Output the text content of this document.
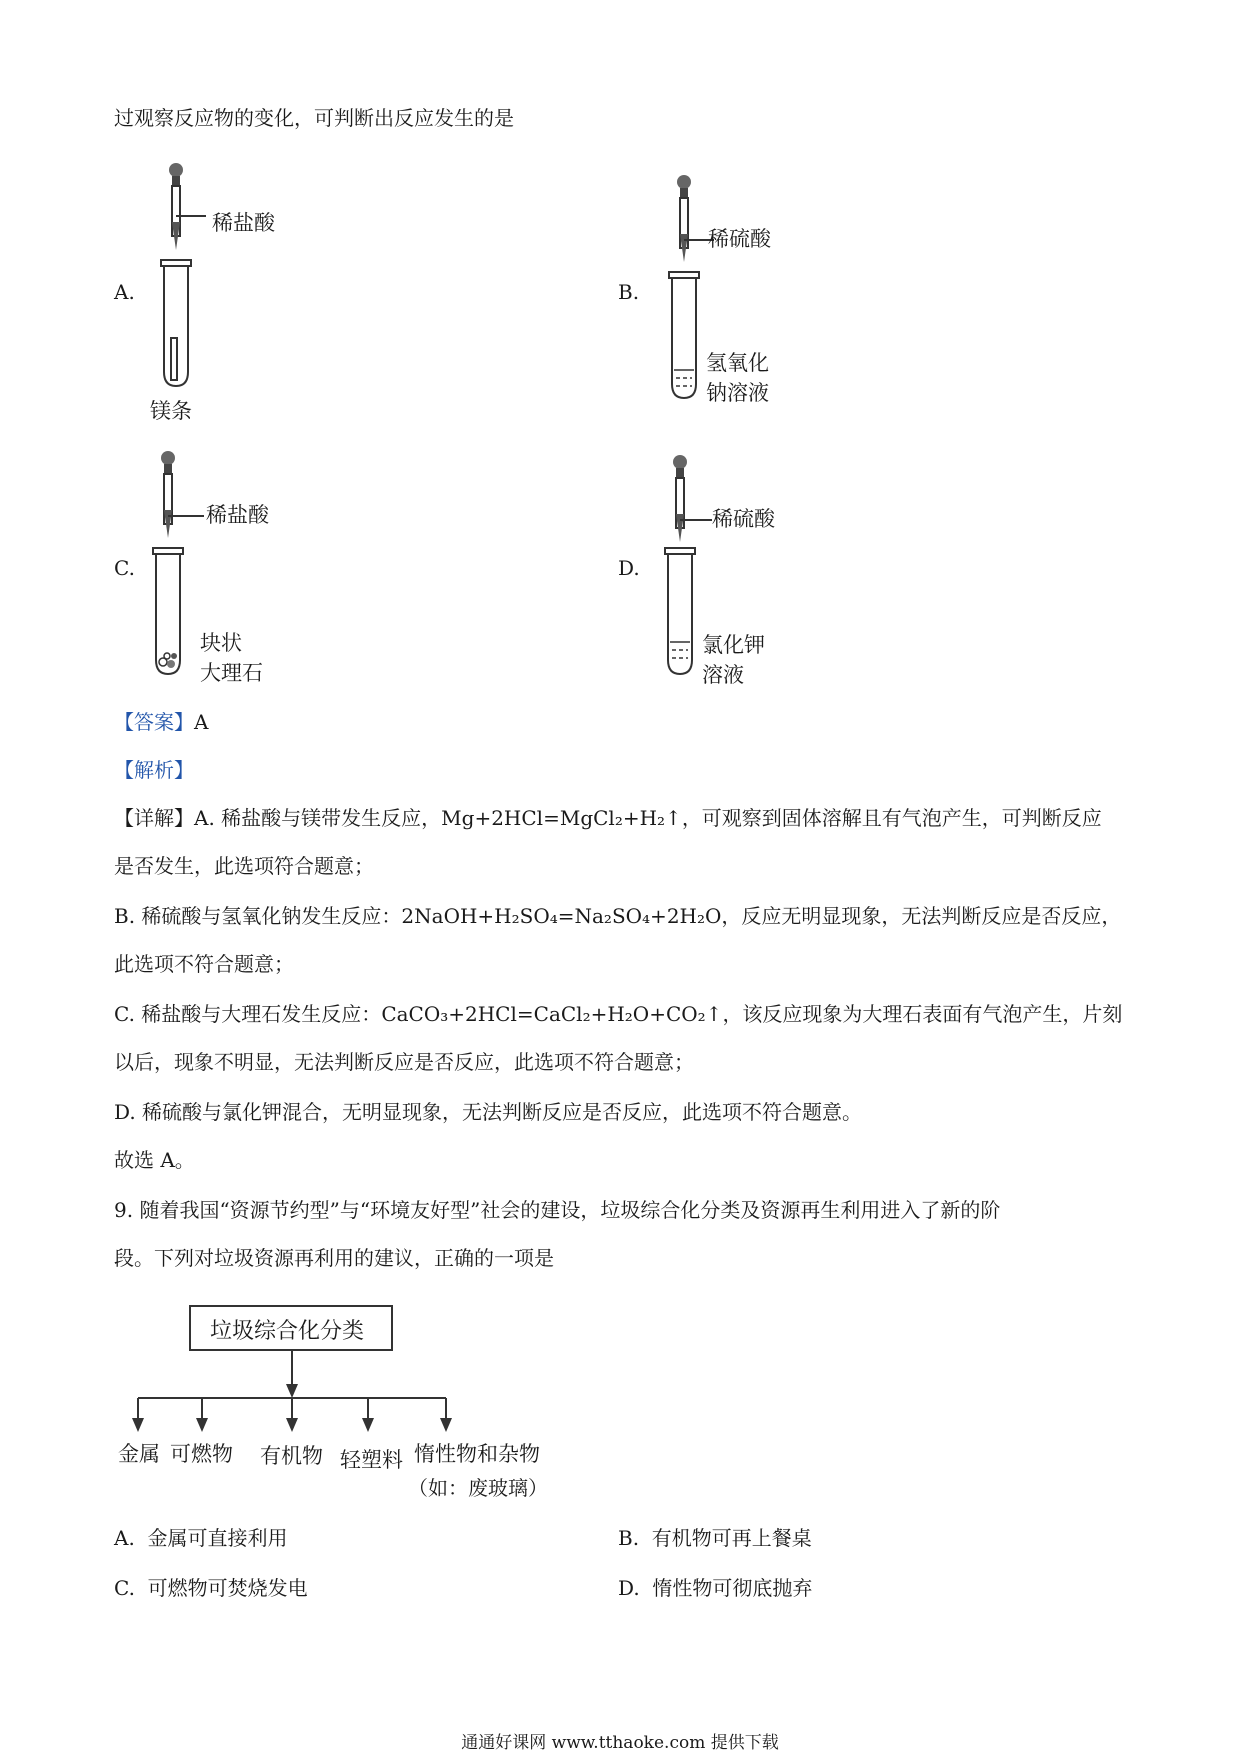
过观察反应物的变化，可判断出反应发生的是
A.
稀盐酸
镁条
B.
稀硫酸
氢氧化
钠溶液
C.
稀盐酸
块状
大理石
D.
稀硫酸
氯化钾
溶液
【答案】A
【解析】
【详解】A. 稀盐酸与镁带发生反应，Mg+2HCl=MgCl₂+H₂↑，可观察到固体溶解且有气泡产生，可判断反应
是否发生，此选项符合题意；
B. 稀硫酸与氢氧化钠发生反应：2NaOH+H₂SO₄=Na₂SO₄+2H₂O，反应无明显现象，无法判断反应是否反应，
此选项不符合题意；
C. 稀盐酸与大理石发生反应：CaCO₃+2HCl=CaCl₂+H₂O+CO₂↑，该反应现象为大理石表面有气泡产生，片刻
以后，现象不明显，无法判断反应是否反应，此选项不符合题意；
D. 稀硫酸与氯化钾混合，无明显现象，无法判断反应是否反应，此选项不符合题意。
故选 A。
9. 随着我国“资源节约型”与“环境友好型”社会的建设，垃圾综合化分类及资源再生利用进入了新的阶
段。下列对垃圾资源再利用的建议，正确的一项是
垃圾综合化分类
金属 可燃物 有机物 轻塑料 惰性物和杂物
（如：废玻璃）
A. 金属可直接利用	B. 有机物可再上餐桌
C. 可燃物可焚烧发电	D. 惰性物可彻底抛弃
通通好课网 www.tthaoke.com 提供下载
